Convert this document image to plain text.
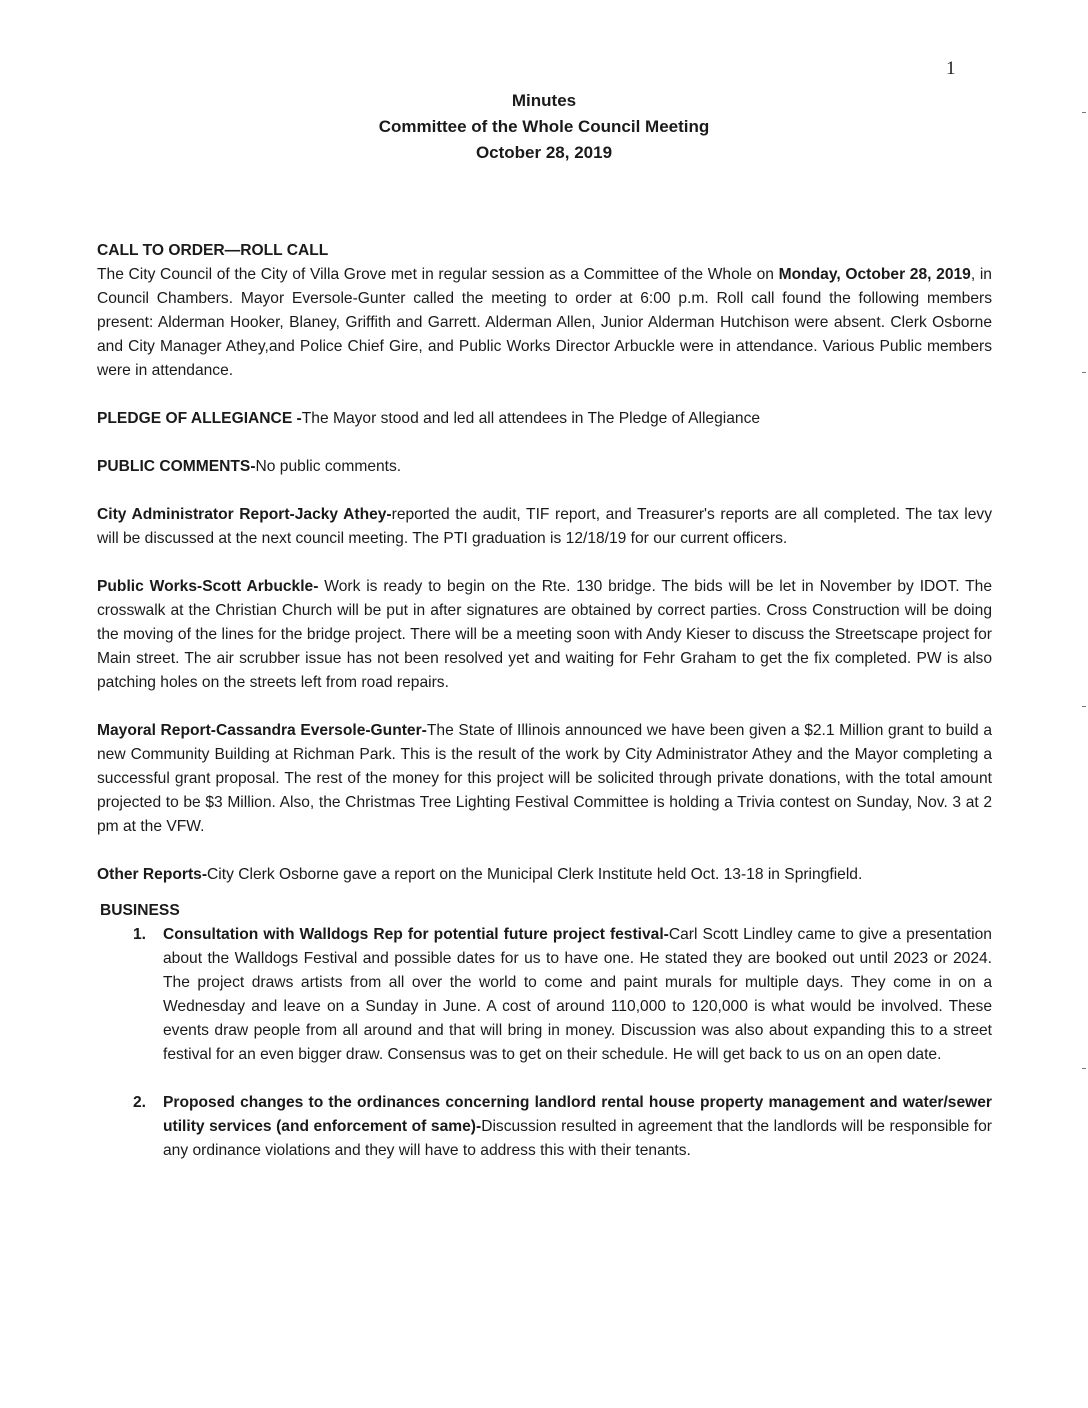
1
Minutes
Committee of the Whole Council Meeting
October 28, 2019
CALL TO ORDER—ROLL CALL
The City Council of the City of Villa Grove met in regular session as a Committee of the Whole on Monday, October 28, 2019, in Council Chambers. Mayor Eversole-Gunter called the meeting to order at 6:00 p.m. Roll call found the following members present: Alderman Hooker, Blaney, Griffith and Garrett. Alderman Allen, Junior Alderman Hutchison were absent. Clerk Osborne and City Manager Athey,and Police Chief Gire, and Public Works Director Arbuckle were in attendance. Various Public members were in attendance.
PLEDGE OF ALLEGIANCE -The Mayor stood and led all attendees in The Pledge of Allegiance
PUBLIC COMMENTS-No public comments.
City Administrator Report-Jacky Athey-reported the audit, TIF report, and Treasurer's reports are all completed. The tax levy will be discussed at the next council meeting. The PTI graduation is 12/18/19 for our current officers.
Public Works-Scott Arbuckle- Work is ready to begin on the Rte. 130 bridge. The bids will be let in November by IDOT. The crosswalk at the Christian Church will be put in after signatures are obtained by correct parties. Cross Construction will be doing the moving of the lines for the bridge project. There will be a meeting soon with Andy Kieser to discuss the Streetscape project for Main street. The air scrubber issue has not been resolved yet and waiting for Fehr Graham to get the fix completed. PW is also patching holes on the streets left from road repairs.
Mayoral Report-Cassandra Eversole-Gunter-The State of Illinois announced we have been given a $2.1 Million grant to build a new Community Building at Richman Park. This is the result of the work by City Administrator Athey and the Mayor completing a successful grant proposal. The rest of the money for this project will be solicited through private donations, with the total amount projected to be $3 Million. Also, the Christmas Tree Lighting Festival Committee is holding a Trivia contest on Sunday, Nov. 3 at 2 pm at the VFW.
Other Reports-City Clerk Osborne gave a report on the Municipal Clerk Institute held Oct. 13-18 in Springfield.
BUSINESS
1. Consultation with Walldogs Rep for potential future project festival-Carl Scott Lindley came to give a presentation about the Walldogs Festival and possible dates for us to have one. He stated they are booked out until 2023 or 2024. The project draws artists from all over the world to come and paint murals for multiple days. They come in on a Wednesday and leave on a Sunday in June. A cost of around 110,000 to 120,000 is what would be involved. These events draw people from all around and that will bring in money. Discussion was also about expanding this to a street festival for an even bigger draw. Consensus was to get on their schedule. He will get back to us on an open date.
2. Proposed changes to the ordinances concerning landlord rental house property management and water/sewer utility services (and enforcement of same)-Discussion resulted in agreement that the landlords will be responsible for any ordinance violations and they will have to address this with their tenants.
